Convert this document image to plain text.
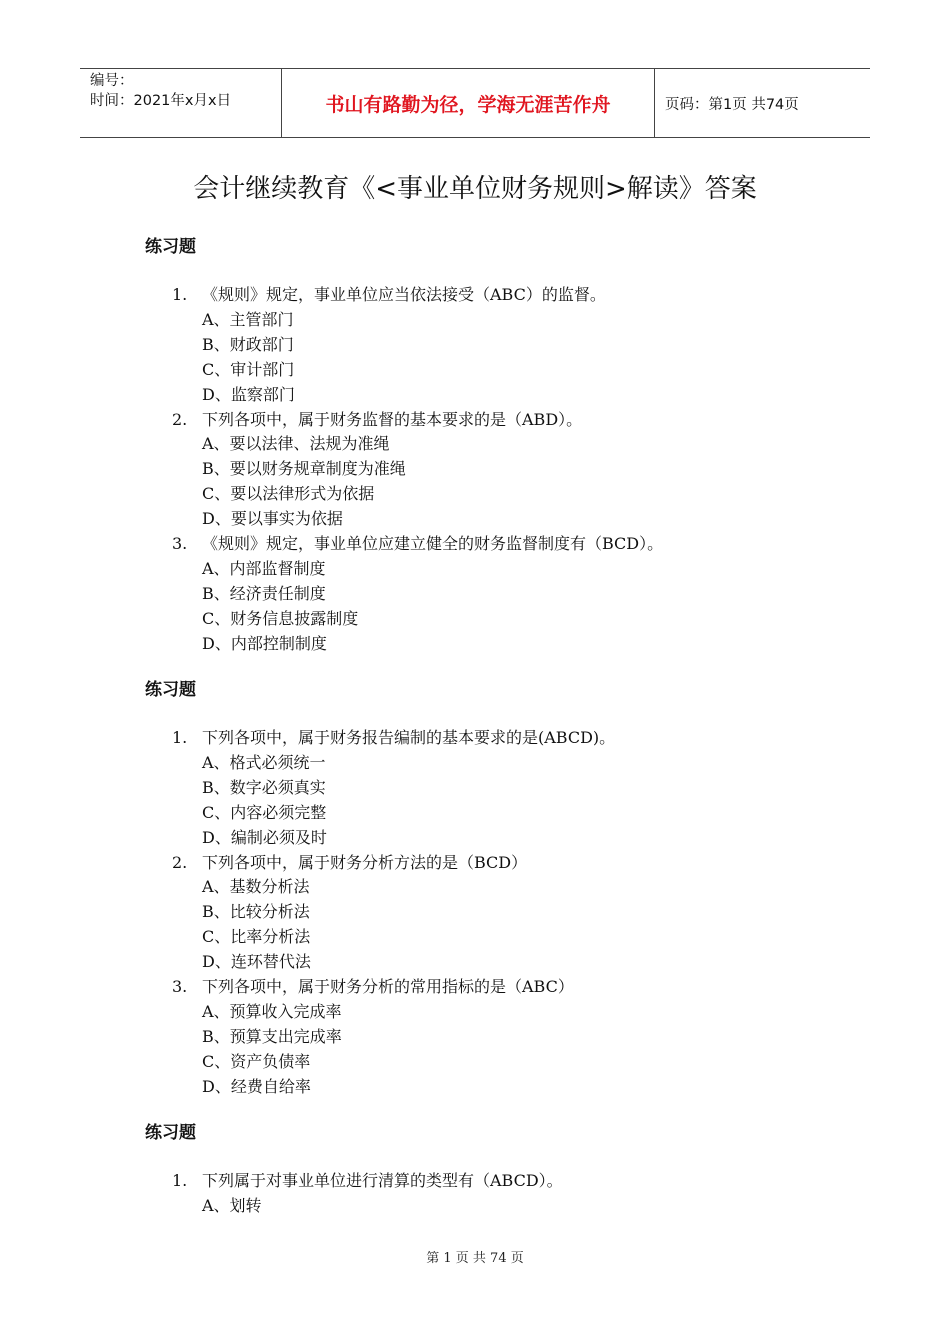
编号：
时间：2021年x月x日	书山有路勤为径，学海无涯苦作舟	页码：第1页 共74页
会计继续教育《<事业单位财务规则>解读》答案
练习题
1. 《规则》规定，事业单位应当依法接受（ABC）的监督。
A、主管部门
B、财政部门
C、审计部门
D、监察部门
2. 下列各项中，属于财务监督的基本要求的是（ABD）。
A、要以法律、法规为准绳
B、要以财务规章制度为准绳
C、要以法律形式为依据
D、要以事实为依据
3. 《规则》规定，事业单位应建立健全的财务监督制度有（BCD）。
A、内部监督制度
B、经济责任制度
C、财务信息披露制度
D、内部控制制度
练习题
1. 下列各项中，属于财务报告编制的基本要求的是(ABCD)。
A、格式必须统一
B、数字必须真实
C、内容必须完整
D、编制必须及时
2. 下列各项中，属于财务分析方法的是（BCD）
A、基数分析法
B、比较分析法
C、比率分析法
D、连环替代法
3. 下列各项中，属于财务分析的常用指标的是（ABC）
A、预算收入完成率
B、预算支出完成率
C、资产负债率
D、经费自给率
练习题
1. 下列属于对事业单位进行清算的类型有（ABCD）。
A、划转
第 1 页 共 74 页
